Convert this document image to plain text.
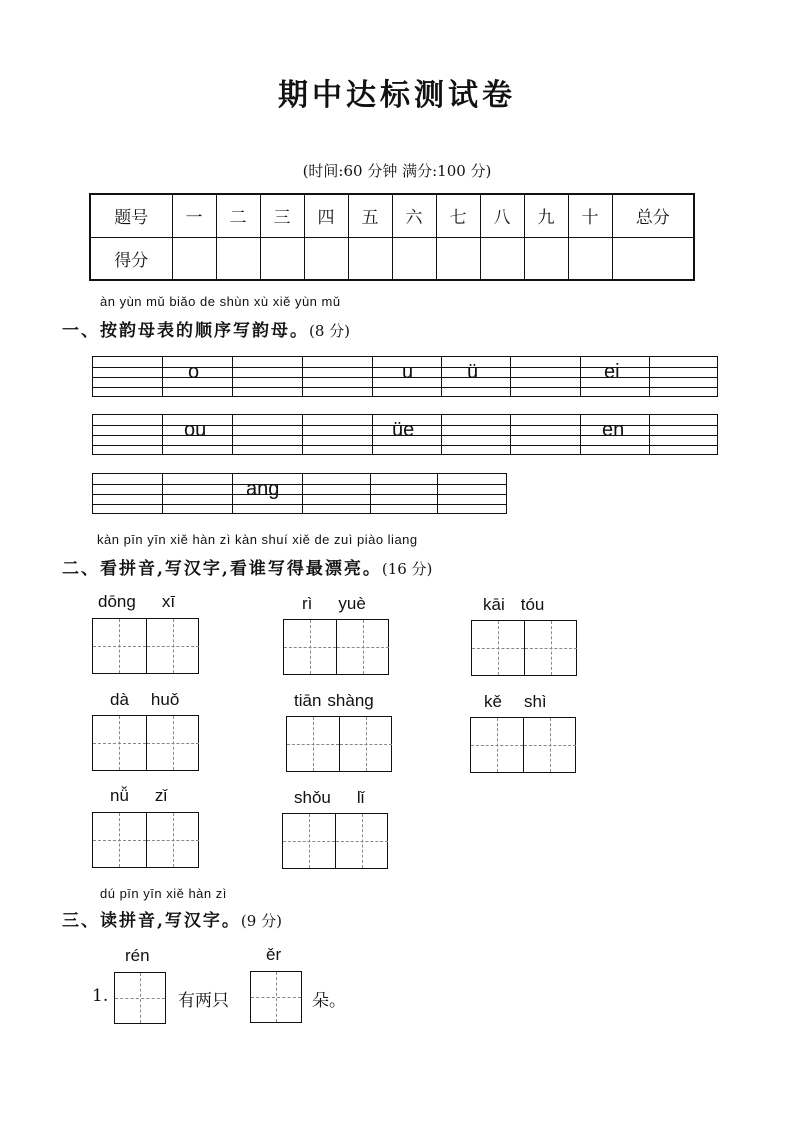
期中达标测试卷
(时间:60 分钟 满分:100 分)
题号	一	二	三	四	五	六	七	八	九	十	总分
得分											
àn yùn mǔ biǎo de shùn xù xiě yùn mǔ
一、按韵母表的顺序写韵母。(8 分)
o	u	ü	ei
ou	üe	en
ang
kàn pīn yīn xiě hàn zì kàn shuí xiě de zuì piào liang
二、看拼音,写汉字,看谁写得最漂亮。(16 分)
dōng xī	rì yuè	kāi tóu
dà huǒ	tiān shàng	kě shì
nǚ zǐ	shǒu lǐ
dú pīn yīn xiě hàn zì
三、读拼音,写汉字。(9 分)
rén	ěr
1.	有两只	朵。
